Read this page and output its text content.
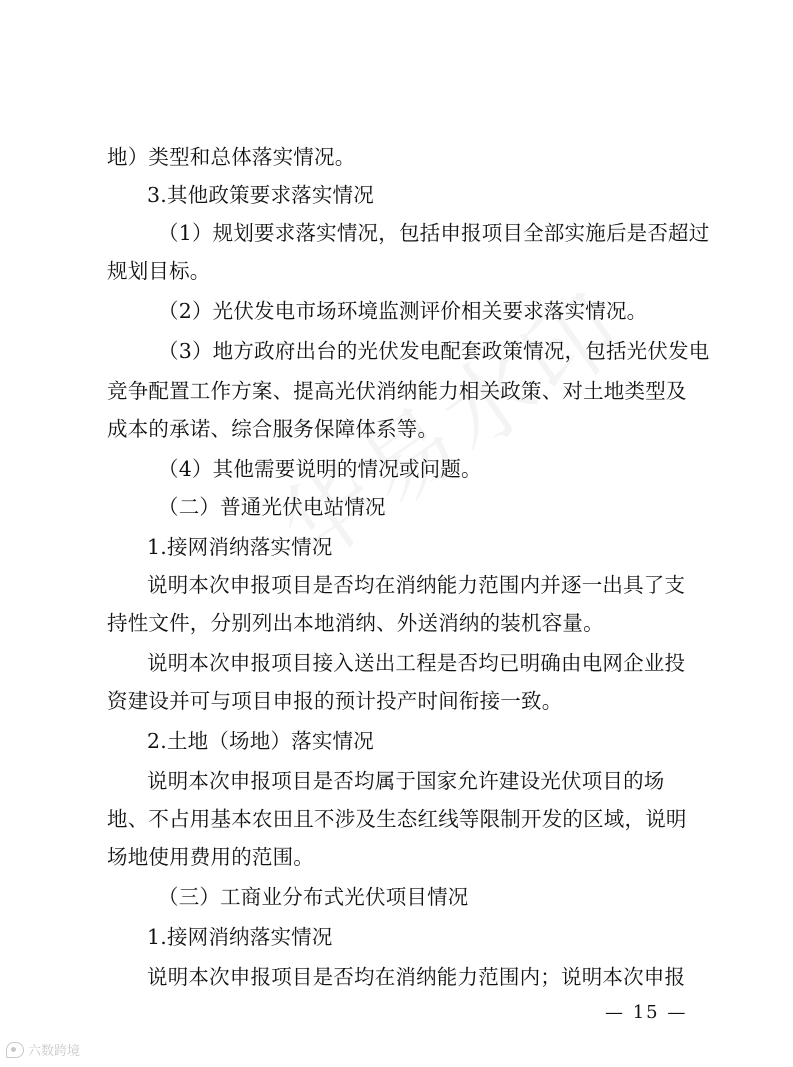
地）类型和总体落实情况。
3.其他政策要求落实情况
（1）规划要求落实情况，包括申报项目全部实施后是否超过
规划目标。
（2）光伏发电市场环境监测评价相关要求落实情况。
（3）地方政府出台的光伏发电配套政策情况，包括光伏发电
竞争配置工作方案、提高光伏消纳能力相关政策、对土地类型及
成本的承诺、综合服务保障体系等。
（4）其他需要说明的情况或问题。
（二）普通光伏电站情况
1.接网消纳落实情况
说明本次申报项目是否均在消纳能力范围内并逐一出具了支
持性文件，分别列出本地消纳、外送消纳的装机容量。
说明本次申报项目接入送出工程是否均已明确由电网企业投
资建设并可与项目申报的预计投产时间衔接一致。
2.土地（场地）落实情况
说明本次申报项目是否均属于国家允许建设光伏项目的场
地、不占用基本农田且不涉及生态红线等限制开发的区域，说明
场地使用费用的范围。
（三）工商业分布式光伏项目情况
1.接网消纳落实情况
说明本次申报项目是否均在消纳能力范围内；说明本次申报
— 15 —
六数跨境
